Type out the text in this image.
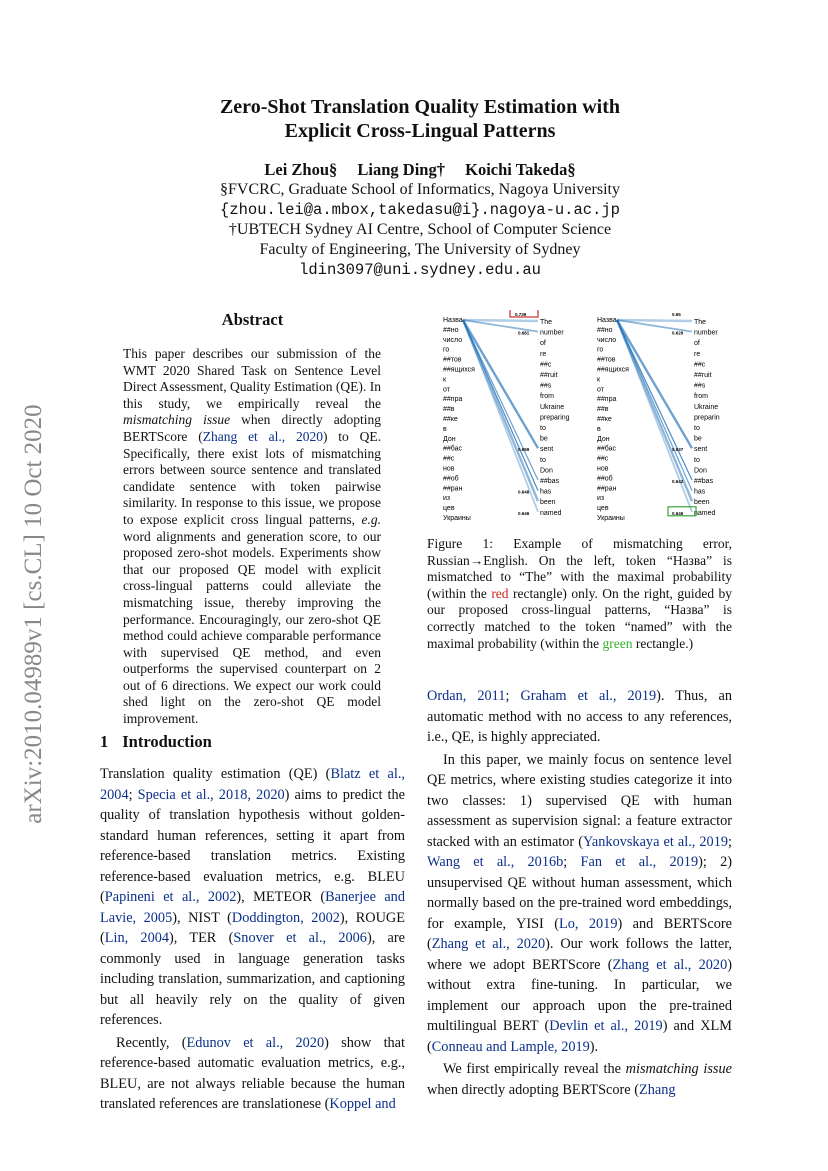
Zero-Shot Translation Quality Estimation with
Explicit Cross-Lingual Patterns
Lei Zhou§ Liang Ding† Koichi Takeda§
§FVCRC, Graduate School of Informatics, Nagoya University
{zhou.lei@a.mbox,takedasu@i}.nagoya-u.ac.jp
†UBTECH Sydney AI Centre, School of Computer Science
Faculty of Engineering, The University of Sydney
ldin3097@uni.sydney.edu.au
arXiv:2010.04989v1 [cs.CL] 10 Oct 2020
Abstract
This paper describes our submission of the WMT 2020 Shared Task on Sentence Level Direct Assessment, Quality Estimation (QE). In this study, we empirically reveal the mismatching issue when directly adopting BERTScore (Zhang et al., 2020) to QE. Specifically, there exist lots of mismatching errors between source sentence and translated candidate sentence with token pairwise similarity. In response to this issue, we propose to expose explicit cross lingual patterns, e.g. word alignments and generation score, to our proposed zero-shot models. Experiments show that our proposed QE model with explicit cross-lingual patterns could alleviate the mismatching issue, thereby improving the performance. Encouragingly, our zero-shot QE method could achieve comparable performance with supervised QE method, and even outperforms the supervised counterpart on 2 out of 6 directions. We expect our work could shed light on the zero-shot QE model improvement.
1 Introduction

Translation quality estimation (QE) (Blatz et al., 2004; Specia et al., 2018, 2020) aims to predict the quality of translation hypothesis without golden-standard human references, setting it apart from reference-based translation metrics. Existing reference-based evaluation metrics, e.g. BLEU (Papineni et al., 2002), METEOR (Banerjee and Lavie, 2005), NIST (Doddington, 2002), ROUGE (Lin, 2004), TER (Snover et al., 2006), are commonly used in language generation tasks including translation, summarization, and captioning but all heavily rely on the quality of given references.

Recently, (Edunov et al., 2020) show that reference-based automatic evaluation metrics, e.g., BLEU, are not always reliable because the human translated references are translationese (Koppel and

Назва
##но
число
го
##тов
##ящихся
к
от
##пра
##в
##ке
в
Дон
##бас
##с
нов
##об
##ран
из
цев
Украины
The
number
of
re
##c
##ruit
##s
from
Ukraine
preparing
to
be
sent
to
Don
##bas
has
been
named
0.739
0.681
0.659
0.648
0.646
Назва
##но
число
го
##тов
##ящихся
к
от
##пра
##в
##ке
в
Дон
##бас
##с
нов
##об
##ран
из
цев
Украины
The
number
of
re
##c
##ruit
##s
from
Ukraine
preparin
to
be
sent
to
Don
##bas
has
been
named
0.65
0.629
0.637
0.642
0.646
Figure 1: Example of mismatching error, Russian→English. On the left, token “Назва” is mismatched to “The” with the maximal probability (within the red rectangle) only. On the right, guided by our proposed cross-lingual patterns, “Назва” is correctly matched to the token “named” with the maximal probability (within the green rectangle.)

Ordan, 2011; Graham et al., 2019). Thus, an automatic method with no access to any references, i.e., QE, is highly appreciated.

In this paper, we mainly focus on sentence level QE metrics, where existing studies categorize it into two classes: 1) supervised QE with human assessment as supervision signal: a feature extractor stacked with an estimator (Yankovskaya et al., 2019; Wang et al., 2016b; Fan et al., 2019); 2) unsupervised QE without human assessment, which normally based on the pre-trained word embeddings, for example, YISI (Lo, 2019) and BERTScore (Zhang et al., 2020). Our work follows the latter, where we adopt BERTScore (Zhang et al., 2020) without extra fine-tuning. In particular, we implement our approach upon the pre-trained multilingual BERT (Devlin et al., 2019) and XLM (Conneau and Lample, 2019).

We first empirically reveal the mismatching issue when directly adopting BERTScore (Zhang
